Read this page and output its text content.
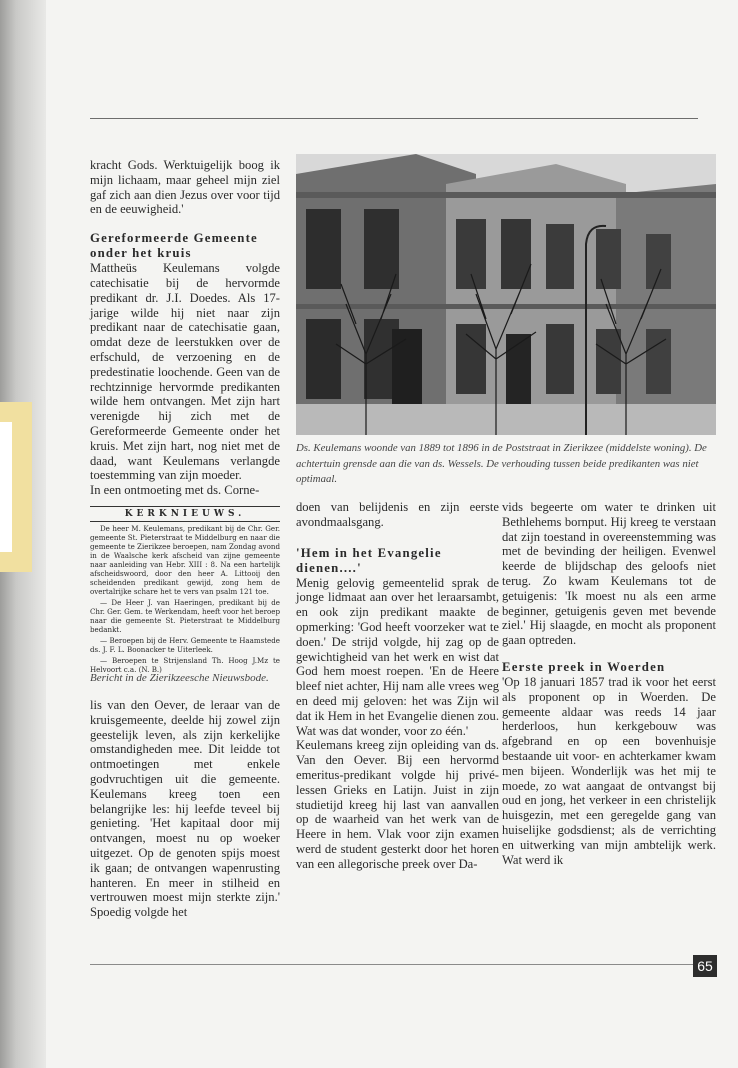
kracht Gods. Werktuigelijk boog ik mijn lichaam, maar geheel mijn ziel gaf zich aan dien Jezus over voor tijd en de eeuwigheid.'

Gereformeerde Gemeente onder het kruis

Mattheüs Keulemans volgde catechisatie bij de hervormde predikant dr. J.I. Doedes. Als 17-jarige wilde hij niet naar zijn predikant naar de catechisatie gaan, omdat deze de leerstukken over de erfschuld, de verzoening en de predestinatie loochende. Geen van de rechtzinnige hervormde predikanten wilde hem ontvangen. Met zijn hart verenigde hij zich met de Gereformeerde Gemeente onder het kruis. Met zijn hart, nog niet met de daad, want Keulemans verlangde toestemming van zijn moeder.

In een ontmoeting met ds. Corne-

KERKNIEUWS.

De heer M. Keulemans, predikant bij de Chr. Ger. gemeente St. Pieterstraat te Middelburg en naar die gemeente te Zierikzee beroepen, nam Zondag avond in de Waalsche kerk afscheid van zijne gemeente naar aanleiding van Hebr. XIII : 8. Na een hartelijk afscheidswoord, door den heer A. Littooij den scheidenden predikant gewijd, zong hem de overtalrijke schare het te vers van psalm 121 toe.

— De Heer J. van Haeringen, predikant bij de Chr. Ger. Gem. te Werkendam, heeft voor het beroep naar die gemeente St. Pieterstraat te Middelburg bedankt.

— Beroepen bij de Herv. Gemeente te Haamstede ds. J. F. L. Boonacker te Uiterleek.

— Beroepen te Strijensland Th. Hoog J.Mz te Helvoort c.a. (N. B.)

Bericht in de Zierikzeesche Nieuwsbode.

lis van den Oever, de leraar van de kruisgemeente, deelde hij zowel zijn geestelijk leven, als zijn kerkelijke omstandigheden mee. Dit leidde tot ontmoetingen met enkele godvruchtigen uit die gemeente. Keulemans kreeg toen een belangrijke les: hij leefde teveel bij genieting. 'Het kapitaal door mij ontvangen, moest nu op woeker uitgezet. Op de genoten spijs moest ik gaan; de ontvangen wapenrusting hanteren. En meer in stilheid en vertrouwen moest mijn sterkte zijn.' Spoedig volgde het

Ds. Keulemans woonde van 1889 tot 1896 in de Poststraat in Zierikzee (middelste woning). De achtertuin grensde aan die van ds. Wessels. De verhouding tussen beide predikanten was niet optimaal.

doen van belijdenis en zijn eerste avondmaalsgang.

'Hem in het Evangelie dienen....'

Menig gelovig gemeentelid sprak de jonge lidmaat aan over het leraarsambt, en ook zijn predikant maakte de opmerking: 'God heeft voorzeker wat te doen.' De strijd volgde, hij zag op de gewichtigheid van het werk en wist dat God hem moest roepen. 'En de Heere bleef niet achter, Hij nam alle vrees weg en deed mij geloven: het was Zijn wil dat ik Hem in het Evangelie dienen zou. Wat was dat wonder, voor zo één.'

Keulemans kreeg zijn opleiding van ds. Van den Oever. Bij een hervormd emeritus-predikant volgde hij privé-lessen Grieks en Latijn. Juist in zijn studietijd kreeg hij last van aanvallen op de waarheid van het werk van de Heere in hem. Vlak voor zijn examen werd de student gesterkt door het horen van een allegorische preek over Da-

vids begeerte om water te drinken uit Bethlehems bornput. Hij kreeg te verstaan dat zijn toestand in overeenstemming was met de bevinding der heiligen. Evenwel keerde de blijdschap des geloofs niet terug. Zo kwam Keulemans tot de getuigenis: 'Ik moest nu als een arme beginner, getuigenis geven met bevende ziel.' Hij slaagde, en mocht als proponent gaan optreden.

Eerste preek in Woerden

'Op 18 januari 1857 trad ik voor het eerst als proponent op in Woerden. De gemeente aldaar was reeds 14 jaar herderloos, hun kerkgebouw was afgebrand en op een bovenhuisje bestaande uit voor- en achterkamer kwam men bijeen. Wonderlijk was het mij te moede, zo wat aangaat de ontvangst bij oud en jong, het verkeer in een christelijk huisgezin, met een geregelde gang van huiselijke godsdienst; als de verrichting en uitwerking van mijn ambtelijk werk. Wat werd ik

65
